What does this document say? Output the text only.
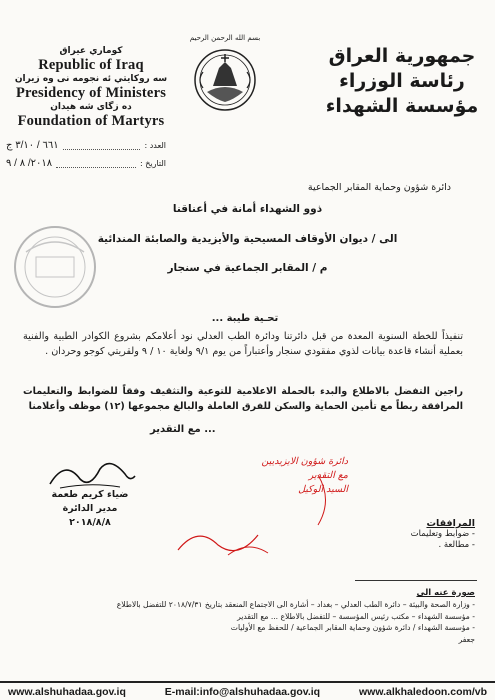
كوماري عيراق
Republic of Iraq
سه روكايتي ئه نجومه نى وه زيران
Presidency of Ministers
ده زگاى شه هيدان
Foundation of Martyrs
بسم الله الرحمن الرحيم
جمهورية العراق
رئاسة الوزراء
مؤسسة الشهداء
العدد :
٦٦١ / ٣/١٠ ج
التاريخ :
٢٠١٨/ ٨ / ٩
دائرة شؤون وحماية المقابر الجماعية
ذوو الشهداء أمانة في أعناقنا
الى / ديوان الأوقاف المسيحية والأيزيدية والصابئة المندائية
م / المقابر الجماعية في سنجار
تحـية طيبة ...
تنفيذاً للخطة السنوية المعدة من قبل دائرتنا ودائرة الطب العدلي نود أعلامكم بشروع الكوادر الطبية والفنية بعملية أنشاء قاعدة بيانات لذوي مفقودي سنجار وأعتباراً من يوم ٩/١ ولغاية ١٠ / ٩ ولقريتي كوجو وحردان .
راجين التفضل بالاطلاع والبدء بالحملة الاعلامية للتوعية والتثقيف وفقاً للضوابط والتعليمات المرافقة ربطاً مع تأمين الحماية والسكن للفرق العاملة والبالغ مجموعها (١٢) موظف وأعلامنا
... مع التقدير
دائرة شؤون الايزيديين
مع التقدير
السيد الوكيل
ضياء كريم طعمة
مدير الدائرة
٢٠١٨/٨/٨	المرافقات
- ضوابط وتعليمات
- مطالعة .
صورة عنه الى
- وزارة الصحة والبيئة – دائرة الطب العدلي – بغداد – أشارة الى الاجتماع المنعقد بتاريخ ٢٠١٨/٧/٣١ للتفضل بالاطلاع
- مؤسسة الشهداء – مكتب رئيس المؤسسة – للتفضل بالاطلاع ... مع التقدير
- مؤسسة الشهداء / دائرة شؤون وحماية المقابر الجماعية / للحفظ مع الأوليات
جعفر
www.alshuhadaa.gov.iq	E-mail:info@alshuhadaa.gov.iq	www.alkhaledoon.com/vb
